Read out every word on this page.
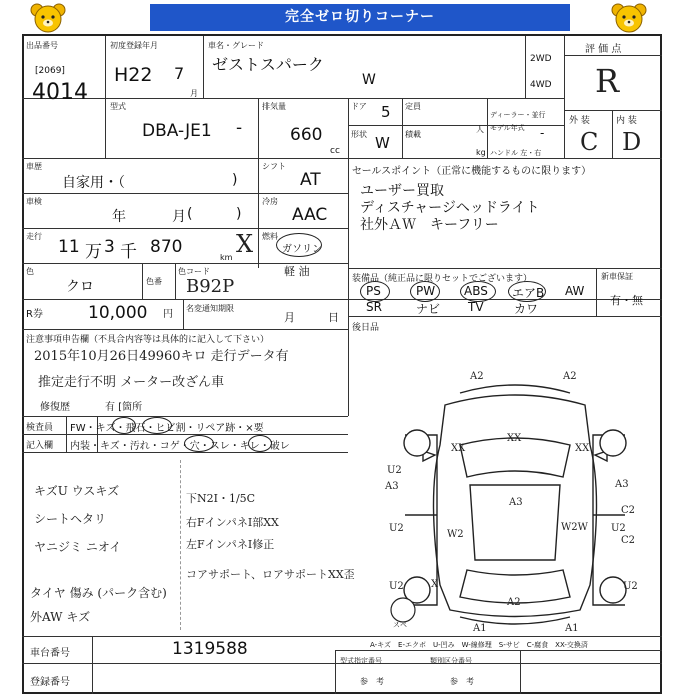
完全ゼロ切りコーナー
出品番号
[2069]
4014
初度登録年月
H22 7
月
車名・グレード
ゼストスパーク
W
2WD
4WD
評 価 点
R
外 装	内 装
C D
型式
DBA-JE1 -
排気量
660
cc
ドア 5
形状 W
定員
人
積載
kg
ディーラー・並行
モデル年式 -
ハンドル 左・右
車歴
自家用・（	)
車検
年	月 (	)
走行
11 万 3 千 870
km X
シフト
AT
冷房
AAC
燃料
ガソリン
軽 油
色
クロ	色番
色コード
B92P
R券	10,000 円
名変通知期限
月	日
注意事項申告欄（不具合内容等は具体的に記入して下さい）
2015年10月26日49960キロ 走行データ有
推定走行不明 メーター改ざん車
修復歴	有 [箇所
検査員
記入欄
FW・キズ・飛石・ヒビ割・リペア跡・×要
内装・キズ・汚れ・コゲ・穴・スレ・キレ・破レ
セールスポイント（正常に機能するものに限ります）
ユーザー買取
ディスチャージヘッドライト
社外ＡＷ　キーフリー
装備品（純正品に限りセットでございます）	新車保証
有・無
PS	PW ABS エアB AW
SR	ナビ TV	カワ
後日品
キズU ウスキズ
シートヘタリ
ヤニジミ ニオイ
タイヤ 傷み (パーク含む)
外AW キズ
下N2I・1/5C
右FインパネI部XX
左FインパネI修正
コアサポート、ロアサポートXX歪
A2	A2
XX
XX	XX
U2
A3
A3
U2
W2
A3
W2W U2
C2
U2
C2
A1	A1
A2
U2
X
スペ
A-キズ　E-エクボ　U-凹み　W-線修理　S-サビ　C-腐食　XX-交換済
車台番号	1319588
登録番号
型式指定番号	類別区分番号
参　考	参　考
